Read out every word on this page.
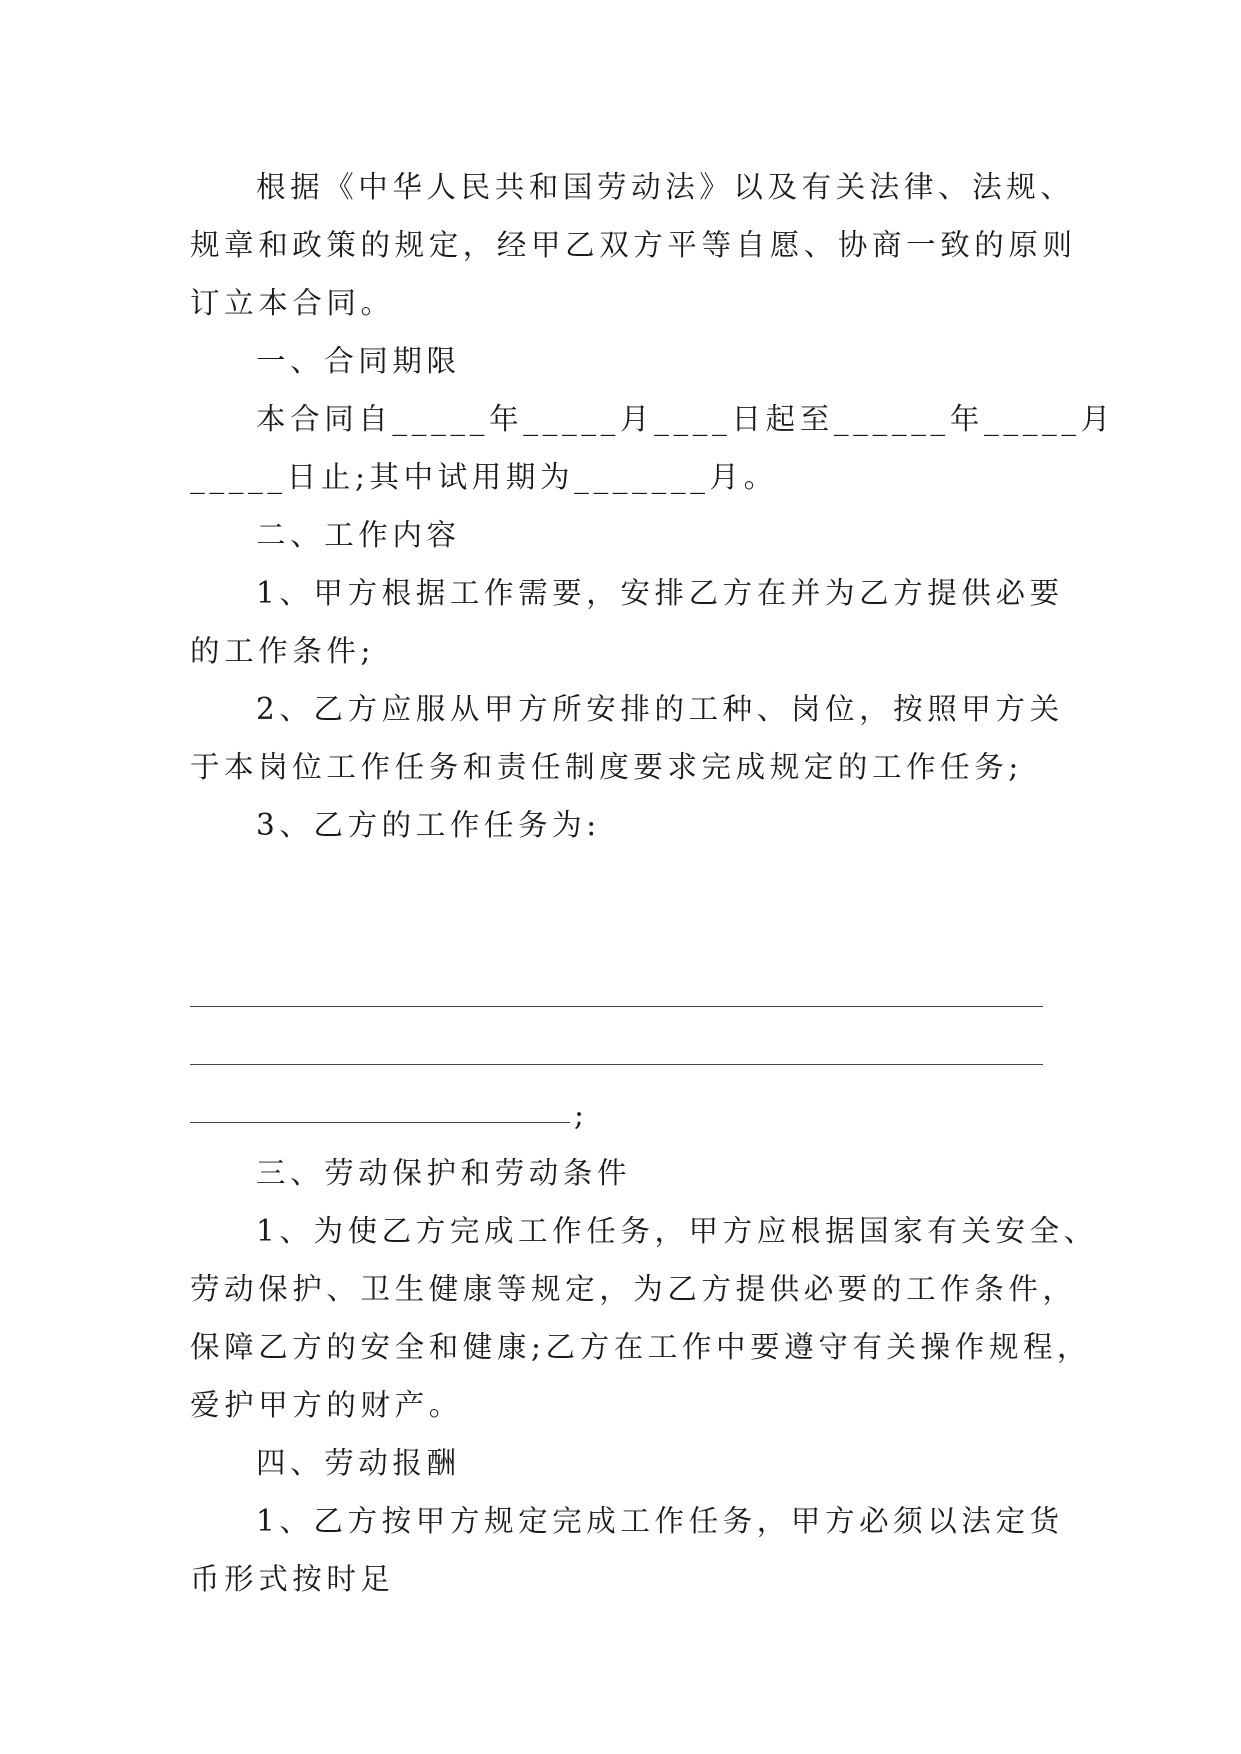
根据《中华人民共和国劳动法》以及有关法律、法规、
规章和政策的规定，经甲乙双方平等自愿、协商一致的原则
订立本合同。
一、合同期限
本合同自_____年_____月____日起至______年_____月
_____日止;其中试用期为_______月。
二、工作内容
1、甲方根据工作需要，安排乙方在并为乙方提供必要
的工作条件;
2、乙方应服从甲方所安排的工种、岗位，按照甲方关
于本岗位工作任务和责任制度要求完成规定的工作任务;
3、乙方的工作任务为:
;
三、劳动保护和劳动条件
1、为使乙方完成工作任务，甲方应根据国家有关安全、
劳动保护、卫生健康等规定，为乙方提供必要的工作条件，
保障乙方的安全和健康;乙方在工作中要遵守有关操作规程，
爱护甲方的财产。
四、劳动报酬
1、乙方按甲方规定完成工作任务，甲方必须以法定货
币形式按时足
